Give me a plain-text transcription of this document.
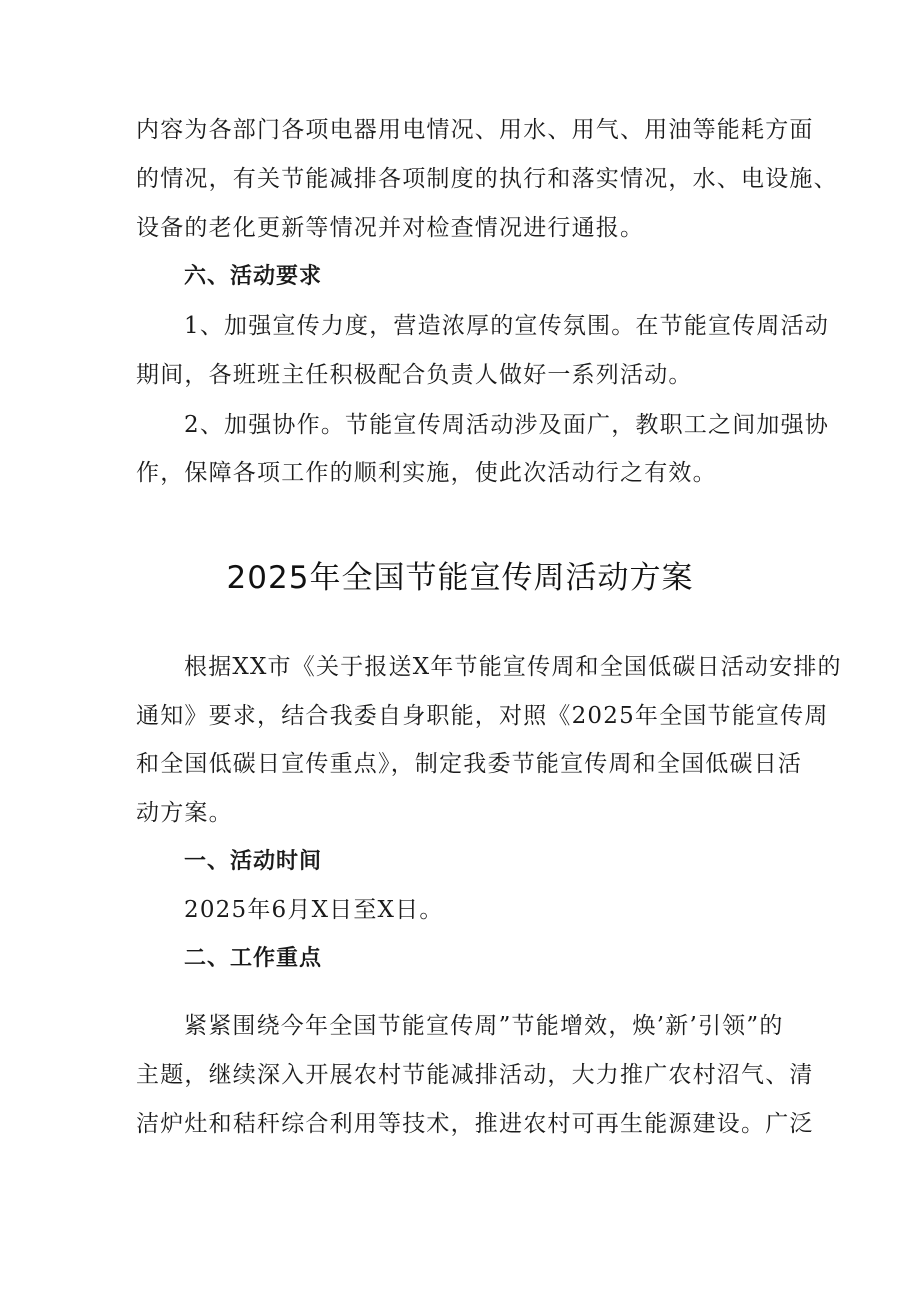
内容为各部门各项电器用电情况、用水、用气、用油等能耗方面
的情况，有关节能减排各项制度的执行和落实情况，水、电设施、
设备的老化更新等情况并对检查情况进行通报。
六、活动要求
1、加强宣传力度，营造浓厚的宣传氛围。在节能宣传周活动
期间，各班班主任积极配合负责人做好一系列活动。
2、加强协作。节能宣传周活动涉及面广，教职工之间加强协
作，保障各项工作的顺利实施，使此次活动行之有效。
2025年全国节能宣传周活动方案
根据XX市《关于报送X年节能宣传周和全国低碳日活动安排的
通知》要求，结合我委自身职能，对照《2025年全国节能宣传周
和全国低碳日宣传重点》，制定我委节能宣传周和全国低碳日活
动方案。
一、活动时间
2025年6月X日至X日。
二、工作重点
紧紧围绕今年全国节能宣传周”节能增效，焕’新’引领”的
主题，继续深入开展农村节能减排活动，大力推广农村沼气、清
洁炉灶和秸秆综合利用等技术，推进农村可再生能源建设。广泛
